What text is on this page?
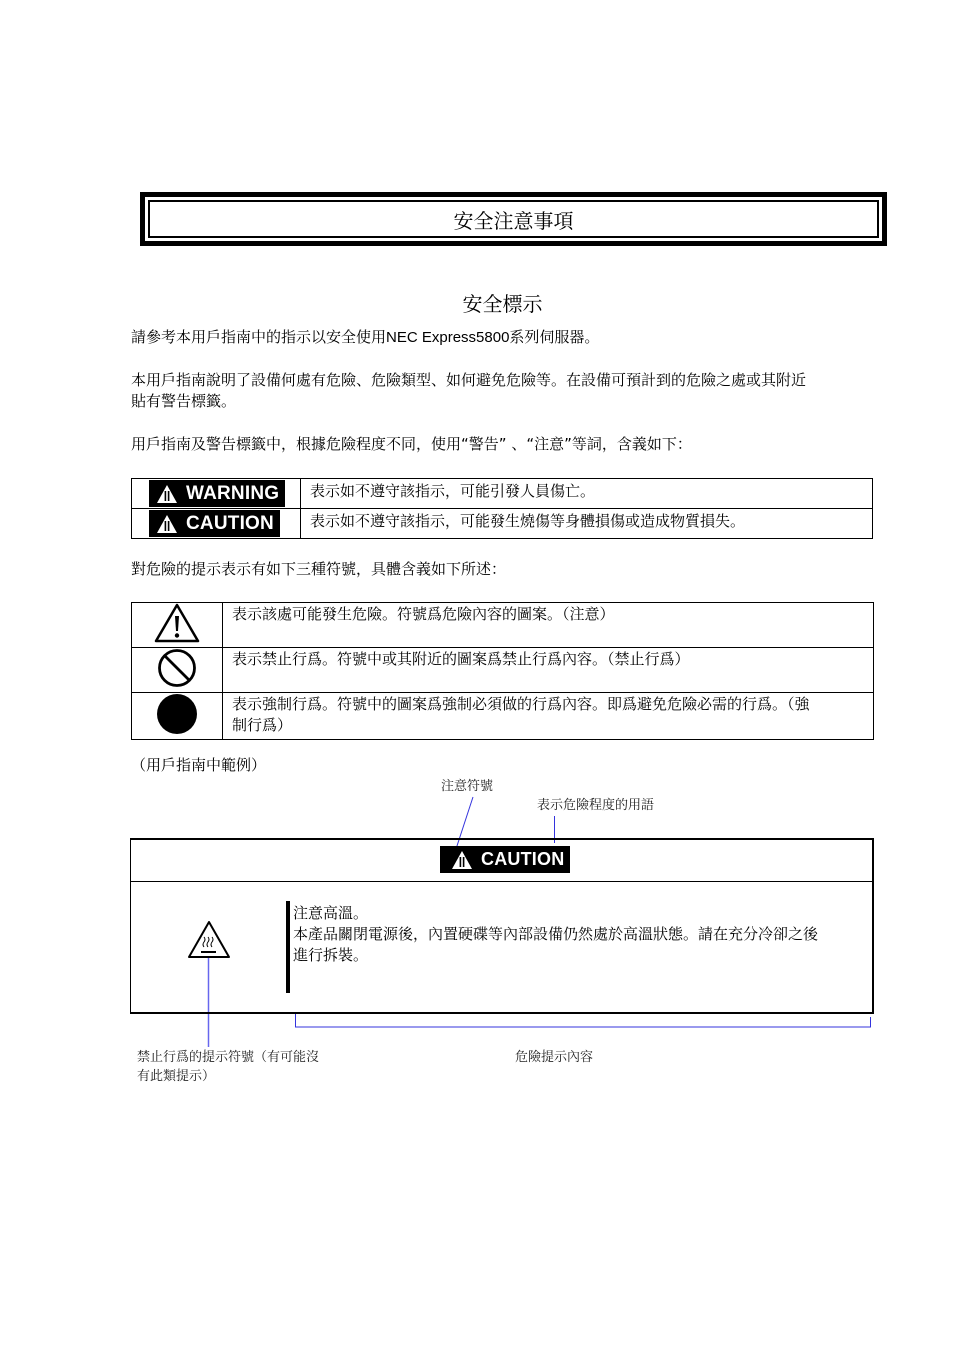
安全注意事項
安全標示
請參考本用戶指南中的指示以安全使用NEC Express5800系列伺服器。
本用戶指南說明了設備何處有危險、危險類型、如何避免危險等。在設備可預計到的危險之處或其附近
貼有警告標籤。
用戶指南及警告標籤中，根據危險程度不同，使用“警告” 、“注意”等詞，含義如下：
WARNING	表示如不遵守該指示，可能引發人員傷亡。

CAUTION	表示如不遵守該指示，可能發生燒傷等身體損傷或造成物質損失。
對危險的提示表示有如下三種符號，具體含義如下所述：

表示該處可能發生危險。符號爲危險內容的圖案。（注意）

表示禁止行爲。符號中或其附近的圖案爲禁止行爲內容。（禁止行爲）

表示強制行爲。符號中的圖案爲強制必須做的行爲內容。即爲避免危險必需的行爲。（強
制行爲）
（用戶指南中範例）
注意符號
表示危險程度的用語
CAUTION
注意高溫。
本產品關閉電源後，內置硬碟等內部設備仍然處於高溫狀態。請在充分冷卻之後
進行拆裝。
禁止行爲的提示符號（有可能沒
有此類提示）
危險提示內容
